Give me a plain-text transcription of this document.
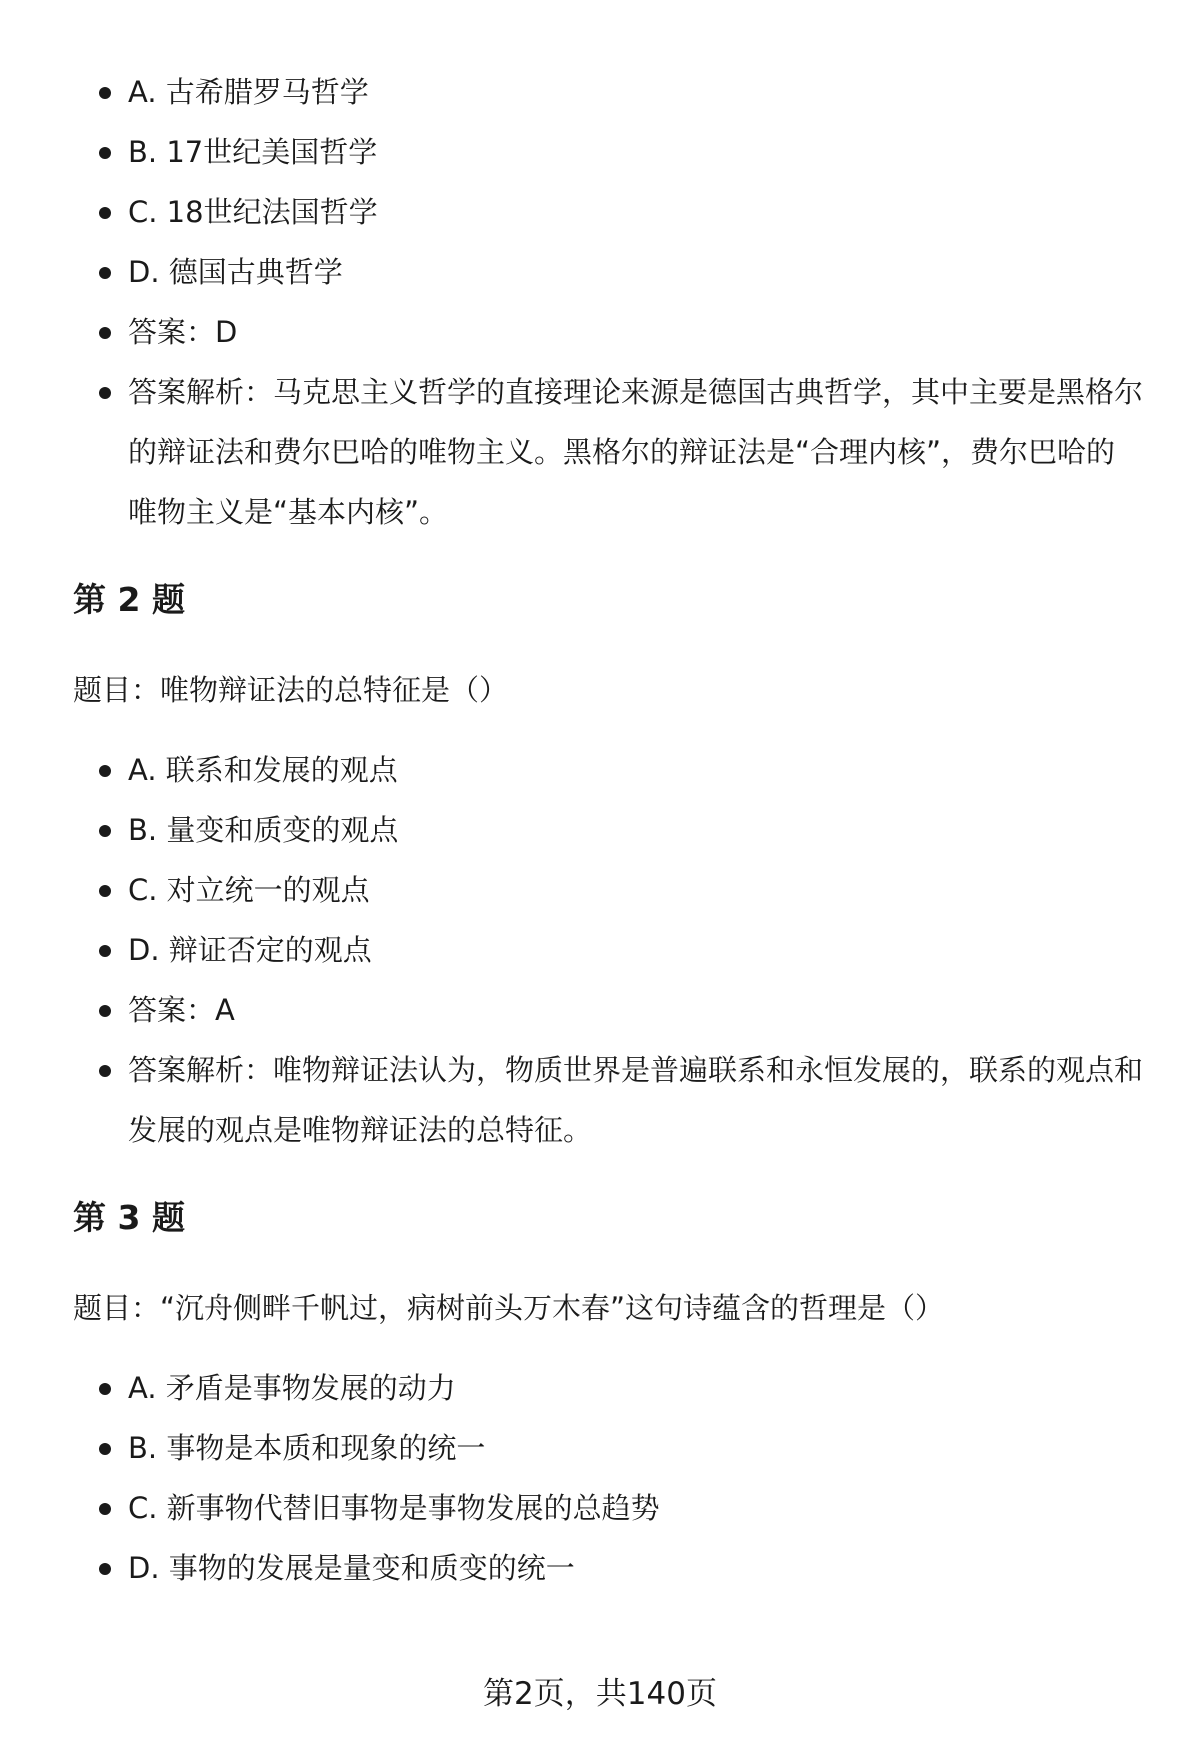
A. 古希腊罗马哲学
B. 17世纪美国哲学
C. 18世纪法国哲学
D. 德国古典哲学
答案：D
答案解析：马克思主义哲学的直接理论来源是德国古典哲学，其中主要是黑格尔的辩证法和费尔巴哈的唯物主义。黑格尔的辩证法是“合理内核”，费尔巴哈的唯物主义是“基本内核”。
第 2 题

题目：唯物辩证法的总特征是（）

A. 联系和发展的观点
B. 量变和质变的观点
C. 对立统一的观点
D. 辩证否定的观点
答案：A
答案解析：唯物辩证法认为，物质世界是普遍联系和永恒发展的，联系的观点和发展的观点是唯物辩证法的总特征。
第 3 题

题目：“沉舟侧畔千帆过，病树前头万木春”这句诗蕴含的哲理是（）

A. 矛盾是事物发展的动力
B. 事物是本质和现象的统一
C. 新事物代替旧事物是事物发展的总趋势
D. 事物的发展是量变和质变的统一
第2页，共140页
